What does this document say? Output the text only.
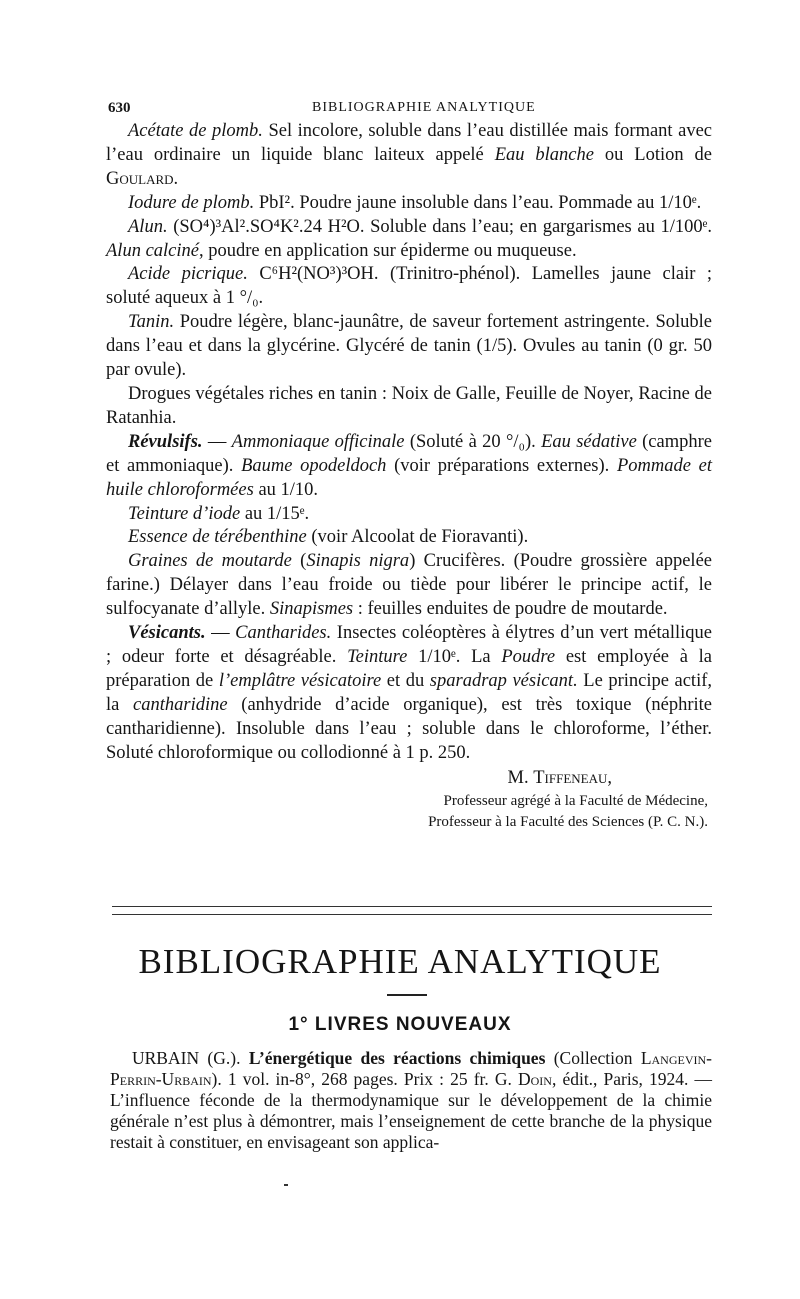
630	BIBLIOGRAPHIE ANALYTIQUE

Acétate de plomb. Sel incolore, soluble dans l’eau distillée mais formant avec l’eau ordinaire un liquide blanc laiteux appelé Eau blanche ou Lotion de Goulard.

Iodure de plomb. PbI². Poudre jaune insoluble dans l’eau. Pommade au 1/10ᵉ.

Alun. (SO⁴)³Al².SO⁴K².24 H²O. Soluble dans l’eau; en gargarismes au 1/100ᵉ. Alun calciné, poudre en application sur épiderme ou muqueuse.

Acide picrique. C⁶H²(NO³)³OH. (Trinitro-phénol). Lamelles jaune clair ; soluté aqueux à 1 °/₀.

Tanin. Poudre légère, blanc-jaunâtre, de saveur fortement astringente. Soluble dans l’eau et dans la glycérine. Glycéré de tanin (1/5). Ovules au tanin (0 gr. 50 par ovule).

Drogues végétales riches en tanin : Noix de Galle, Feuille de Noyer, Racine de Ratanhia.

Révulsifs. — Ammoniaque officinale (Soluté à 20 °/₀). Eau sédative (camphre et ammoniaque). Baume opodeldoch (voir préparations externes). Pommade et huile chloroformées au 1/10.

Teinture d’iode au 1/15ᵉ.

Essence de térébenthine (voir Alcoolat de Fioravanti).

Graines de moutarde (Sinapis nigra) Crucifères. (Poudre grossière appelée farine.) Délayer dans l’eau froide ou tiède pour libérer le principe actif, le sulfocyanate d’allyle. Sinapismes : feuilles enduites de poudre de moutarde.

Vésicants. — Cantharides. Insectes coléoptères à élytres d’un vert métallique ; odeur forte et désagréable. Teinture 1/10ᵉ. La Poudre est employée à la préparation de l’emplâtre vésicatoire et du sparadrap vésicant. Le principe actif, la cantharidine (anhydride d’acide organique), est très toxique (néphrite cantharidienne). Insoluble dans l’eau ; soluble dans le chloroforme, l’éther. Soluté chloroformique ou collodionné à 1 p. 250.

M. Tiffeneau,
Professeur agrégé à la Faculté de Médecine,
Professeur à la Faculté des Sciences (P. C. N.).
BIBLIOGRAPHIE ANALYTIQUE
1° LIVRES NOUVEAUX

URBAIN (G.). L’énergétique des réactions chimiques (Collection Langevin-Perrin-Urbain). 1 vol. in-8°, 268 pages. Prix : 25 fr. G. Doin, édit., Paris, 1924. — L’influence féconde de la thermodynamique sur le développement de la chimie générale n’est plus à démontrer, mais l’enseignement de cette branche de la physique restait à constituer, en envisageant son applica-
